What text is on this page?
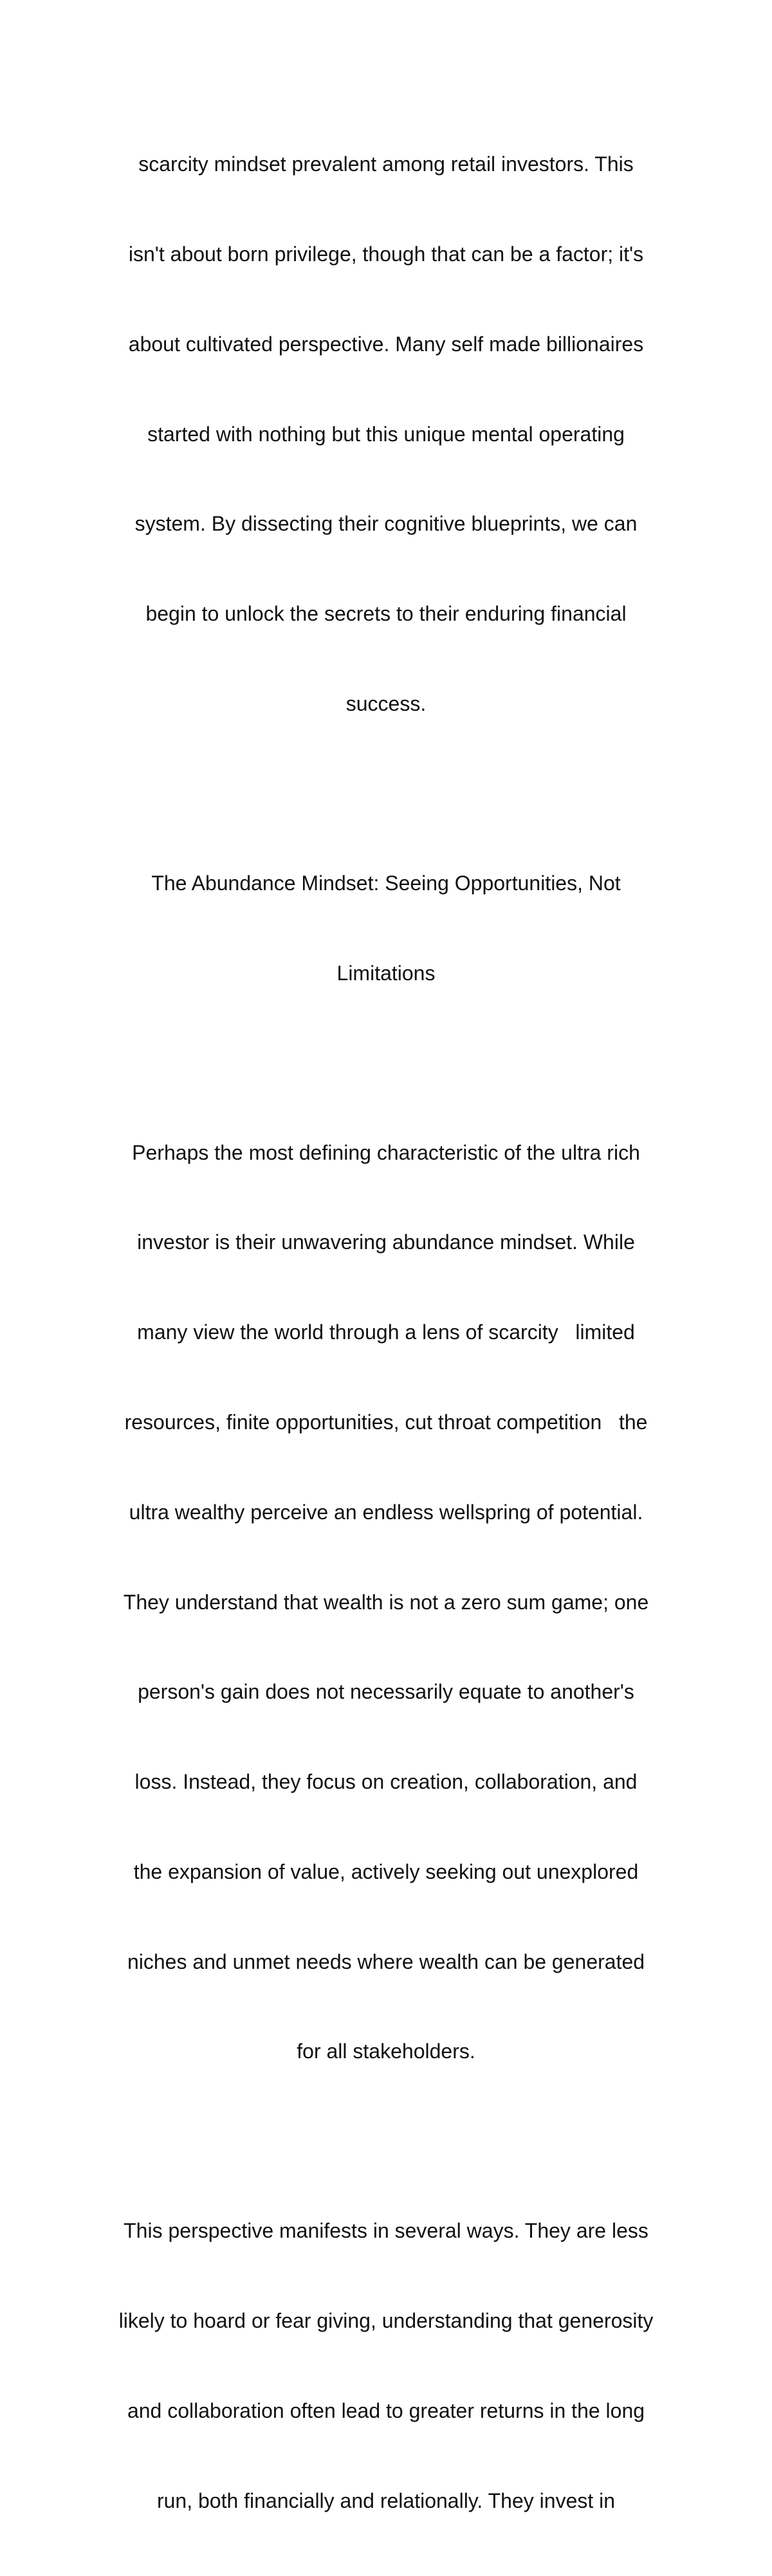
scarcity mindset prevalent among retail investors. This

isn't about born privilege, though that can be a factor; it's

about cultivated perspective. Many self made billionaires

started with nothing but this unique mental operating

system. By dissecting their cognitive blueprints, we can

begin to unlock the secrets to their enduring financial

success.

The Abundance Mindset: Seeing Opportunities, Not

Limitations

Perhaps the most defining characteristic of the ultra rich

investor is their unwavering abundance mindset. While

many view the world through a lens of scarcity   limited

resources, finite opportunities, cut throat competition   the

ultra wealthy perceive an endless wellspring of potential.

They understand that wealth is not a zero sum game; one

person's gain does not necessarily equate to another's

loss. Instead, they focus on creation, collaboration, and

the expansion of value, actively seeking out unexplored

niches and unmet needs where wealth can be generated

for all stakeholders.

This perspective manifests in several ways. They are less

likely to hoard or fear giving, understanding that generosity

and collaboration often lead to greater returns in the long

run, both financially and relationally. They invest in
